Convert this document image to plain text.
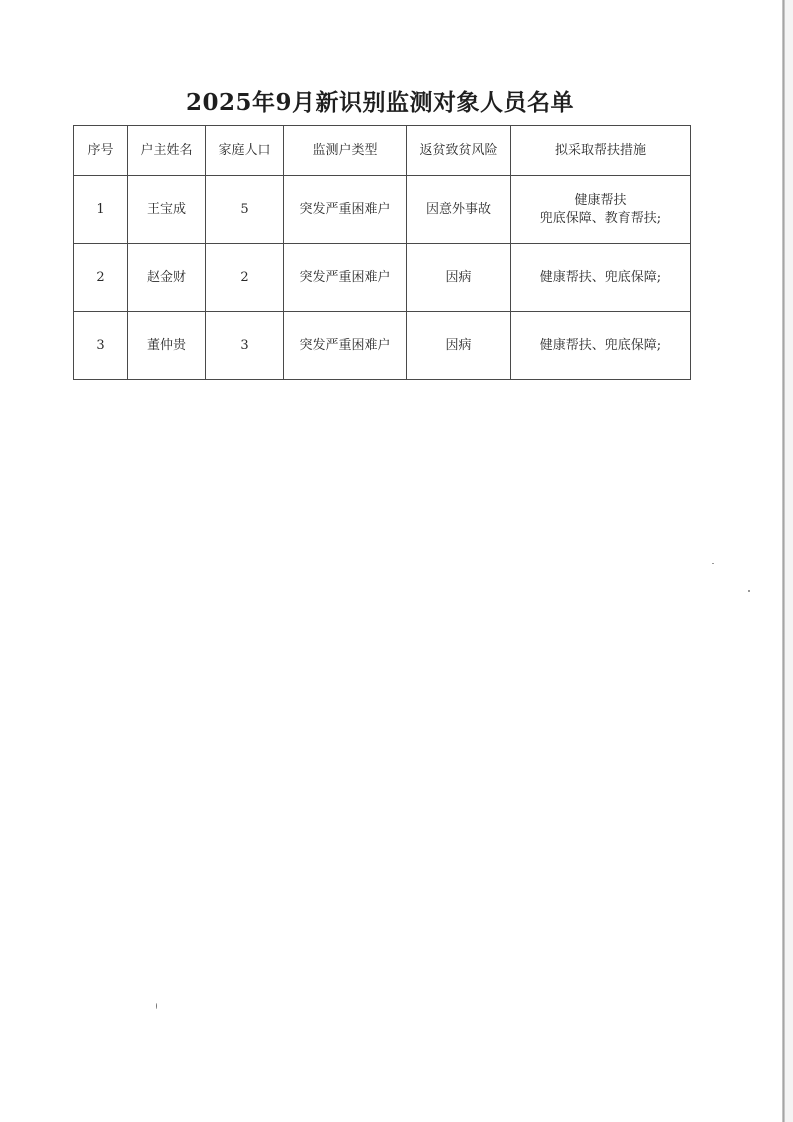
2025年9月新识别监测对象人员名单
序号	户主姓名	家庭人口	监测户类型	返贫致贫风险	拟采取帮扶措施
1	王宝成	5	突发严重困难户	因意外事故	健康帮扶
兜底保障、教育帮扶;

2	赵金财	2	突发严重困难户	因病	健康帮扶、兜底保障;

3	董仲贵	3	突发严重困难户	因病	健康帮扶、兜底保障;
